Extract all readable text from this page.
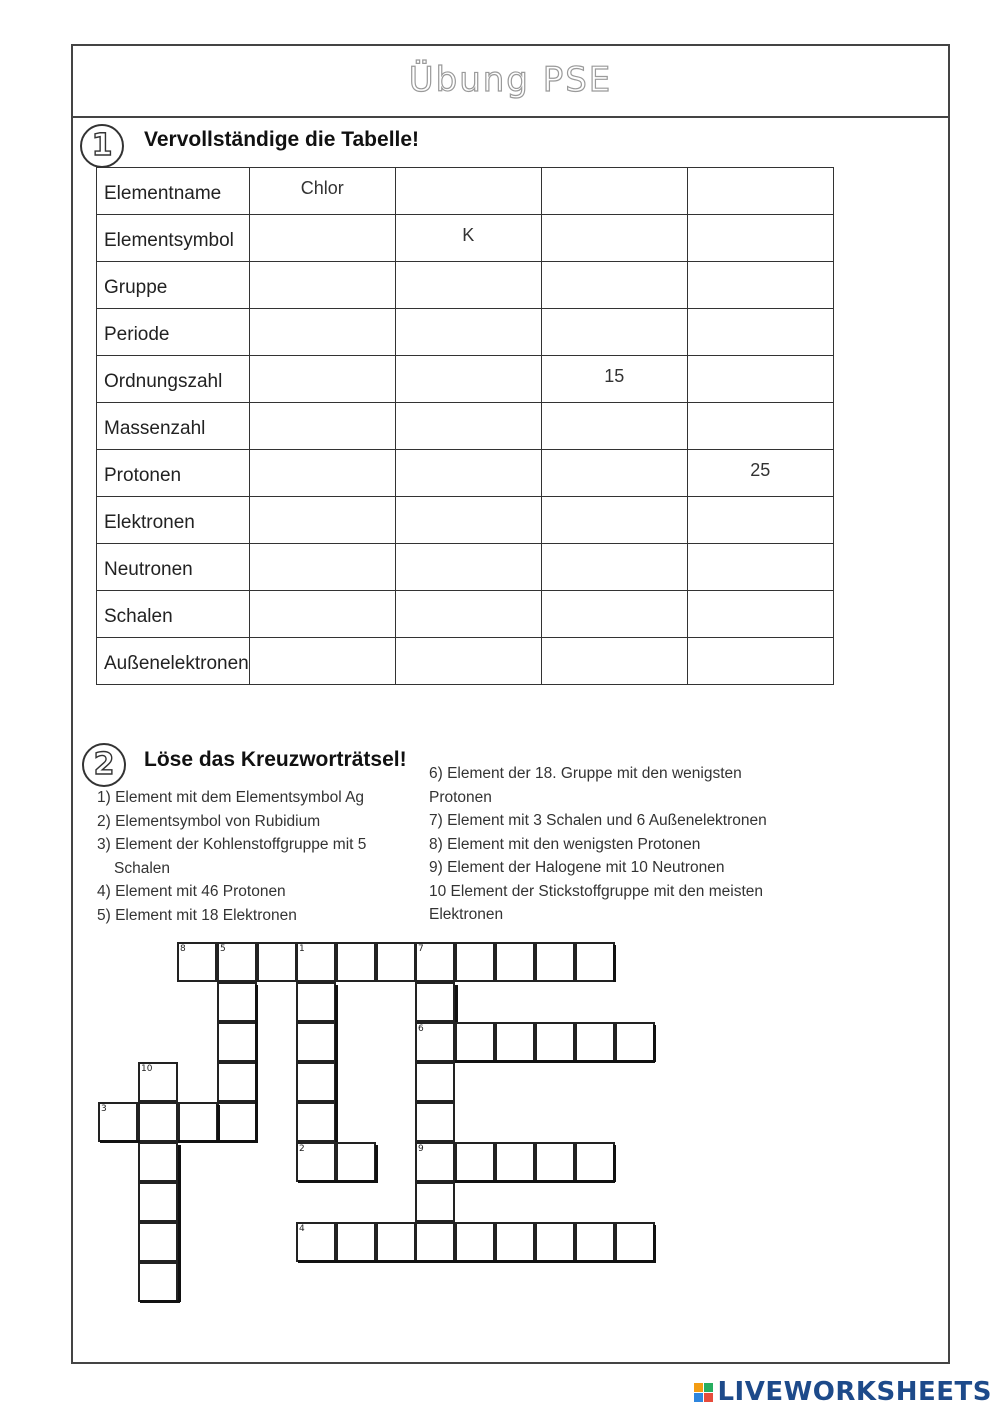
Übung PSE
1	Vervollständige die Tabelle!
Elementname	Chlor			
Elementsymbol		K		
Gruppe				
Periode				
Ordnungszahl			15	
Massenzahl				
Protonen				25
Elektronen				
Neutronen				
Schalen				
Außenelektronen				
2	Löse das Kreuzworträtsel!
1) Element mit dem Elementsymbol Ag
2) Elementsymbol von Rubidium
3) Element der Kohlenstoffgruppe mit 5
Schalen
4) Element mit 46 Protonen
5) Element mit 18 Elektronen
6) Element der 18. Gruppe mit den wenigsten
Protonen
7) Element mit 3 Schalen und 6 Außenelektronen
8) Element mit den wenigsten Protonen
9) Element der Halogene mit 10 Neutronen
10 Element der Stickstoffgruppe mit den meisten
Elektronen
8	5	1	7
2
6
9
10
3
4
LIVEWORKSHEETS
